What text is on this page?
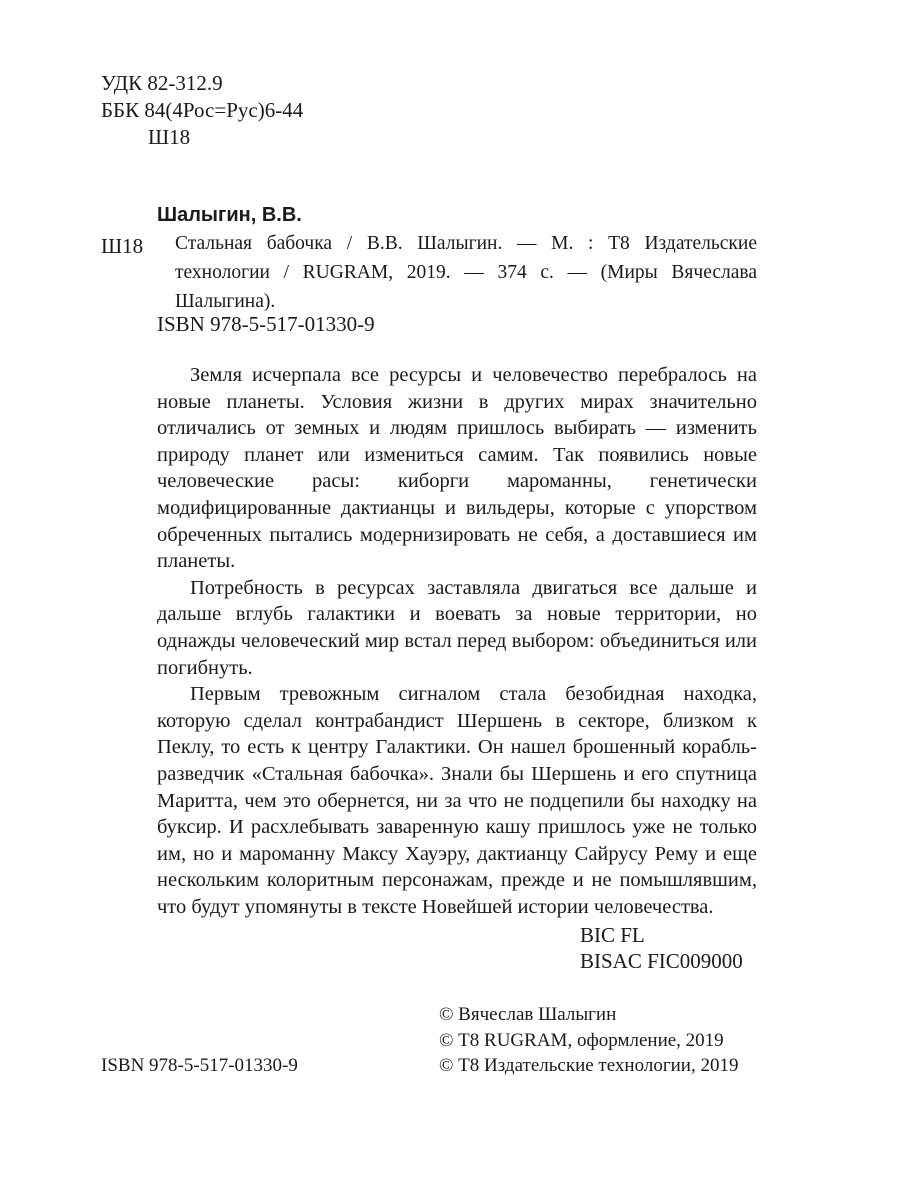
УДК 82-312.9
ББК 84(4Рос=Рус)6-44
Ш18
Шалыгин, В.В.
Ш18 Стальная бабочка / В.В. Шалыгин. — М. : Т8 Издательские технологии / RUGRAM, 2019. — 374 с. — (Миры Вячеслава Шалыгина).
ISBN 978-5-517-01330-9

Земля исчерпала все ресурсы и человечество перебралось на новые планеты. Условия жизни в других мирах значительно отличались от земных и людям пришлось выбирать — изменить природу планет или измениться самим. Так появились новые человеческие расы: киборги мароманны, генетически модифицированные дактианцы и вильдеры, которые с упорством обреченных пытались модернизировать не себя, а доставшиеся им планеты.

Потребность в ресурсах заставляла двигаться все дальше и дальше вглубь галактики и воевать за новые территории, но однажды человеческий мир встал перед выбором: объединиться или погибнуть.

Первым тревожным сигналом стала безобидная находка, которую сделал контрабандист Шершень в секторе, близком к Пеклу, то есть к центру Галактики. Он нашел брошенный корабль-разведчик «Стальная бабочка». Знали бы Шершень и его спутница Маритта, чем это обернется, ни за что не подцепили бы находку на буксир. И расхлебывать заваренную кашу пришлось уже не только им, но и мароманну Максу Хауэру, дактианцу Сайрусу Рему и еще нескольким колоритным персонажам, прежде и не помышлявшим, что будут упомянуты в тексте Новейшей истории человечества.

BIC FL
BISAC FIC009000
© Вячеслав Шалыгин
© Т8 RUGRAM, оформление, 2019
© Т8 Издательские технологии, 2019
ISBN 978-5-517-01330-9
